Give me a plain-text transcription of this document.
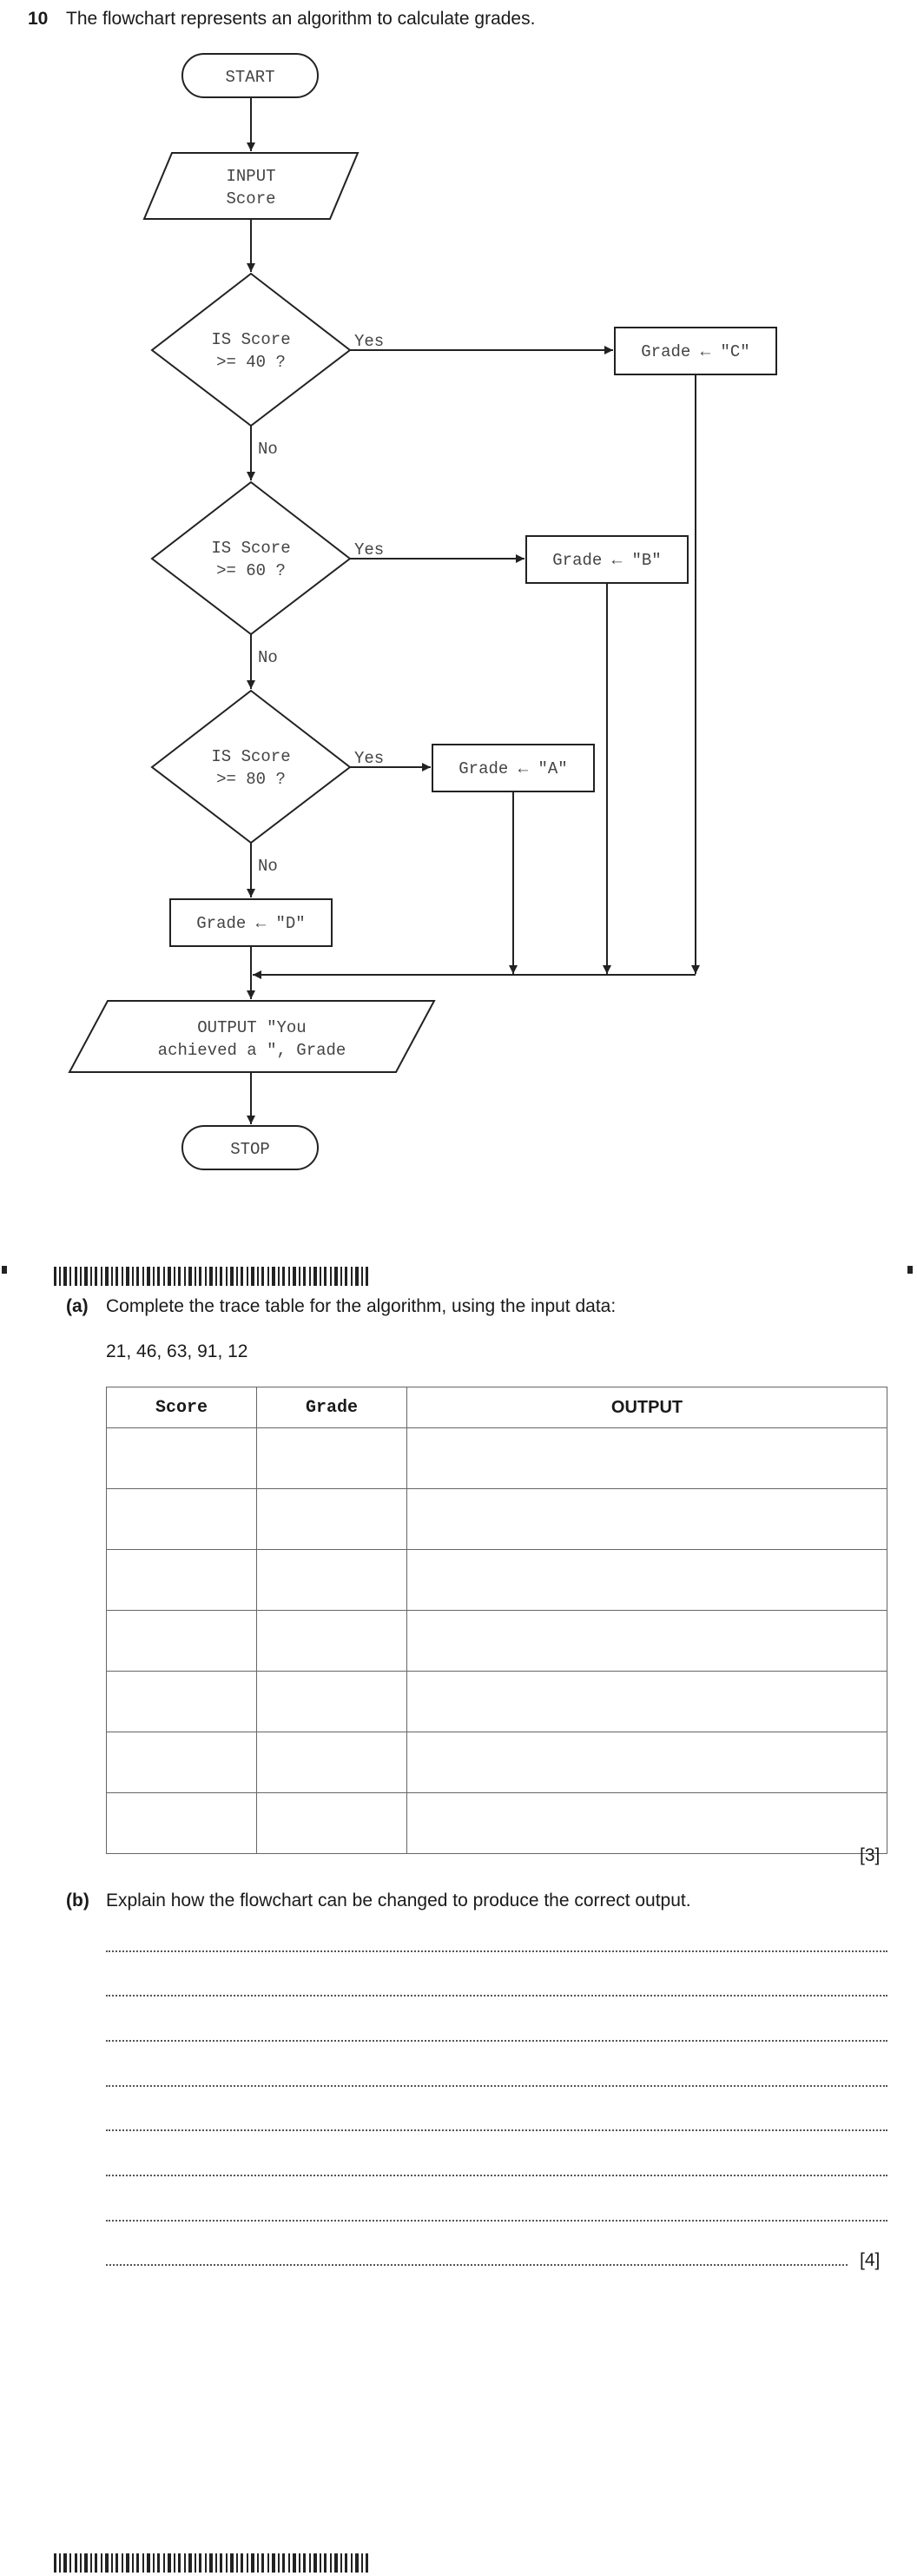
10 The flowchart represents an algorithm to calculate grades.
START
INPUT
Score
IS Score
>= 40 ?
IS Score
>= 60 ?
IS Score
>= 80 ?
Grade ← "C"
Grade ← "B"
Grade ← "A"
Grade ← "D"
OUTPUT "You
achieved a ", Grade
STOP
Yes
Yes
Yes
No
No
No
(a) Complete the trace table for the algorithm, using the input data:
21, 46, 63, 91, 12
Score	Grade	OUTPUT

[3]
(b) Explain how the flowchart can be changed to produce the correct output.
[4]
